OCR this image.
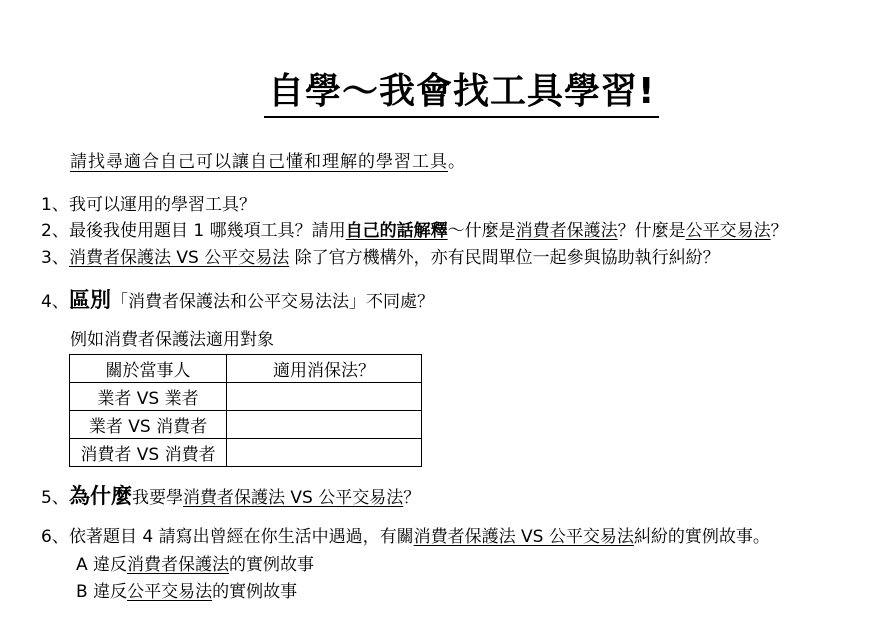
自學～我會找工具學習!
請找尋適合自己可以讓自己懂和理解的學習工具。
1、我可以運用的學習工具？
2、最後我使用題目 1 哪幾項工具？請用自己的話解釋～什麼是消費者保護法？什麼是公平交易法？
3、消費者保護法 VS 公平交易法 除了官方機構外，亦有民間單位一起參與協助執行糾紛？
4、區別「消費者保護法和公平交易法法」不同處？
例如消費者保護法適用對象
關於當事人	適用消保法？
業者 VS 業者	
業者 VS 消費者	
消費者 VS 消費者	
5、為什麼我要學消費者保護法 VS 公平交易法？
6、依著題目 4 請寫出曾經在你生活中遇過，有關消費者保護法 VS 公平交易法糾紛的實例故事。
A 違反消費者保護法的實例故事
B 違反公平交易法的實例故事
